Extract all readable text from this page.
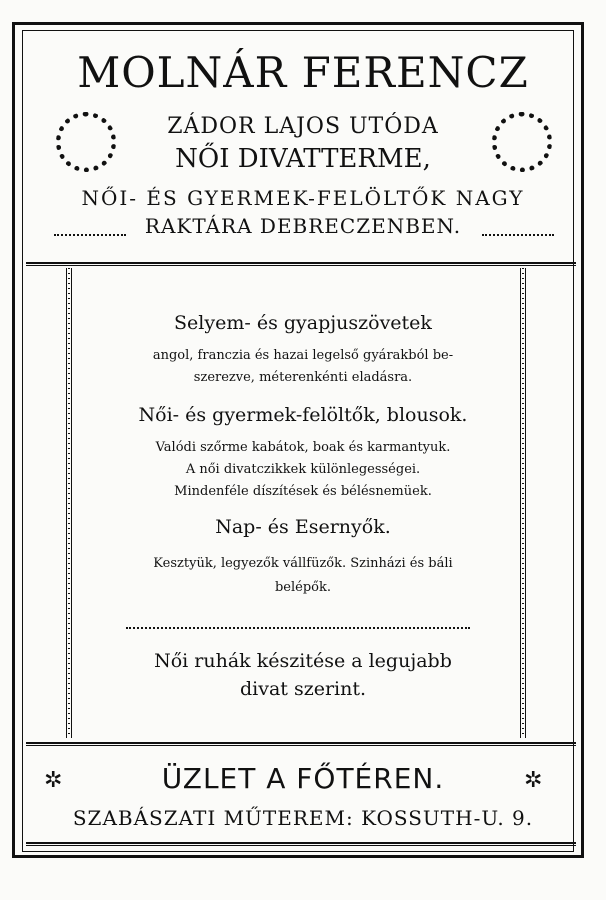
MOLNÁR FERENCZ
ZÁDOR LAJOS UTÓDA
NŐI DIVATTERME,
NŐI- ÉS GYERMEK-FELÖLTŐK NAGY
RAKTÁRA DEBRECZENBEN.
Selyem- és gyapjuszövetek
angol, franczia és hazai legelső gyárakból be-
szerezve, méterenkénti eladásra.
Női- és gyermek-felöltők, blousok.
Valódi szőrme kabátok, boak és karmantyuk.
A női divatczikkek különlegességei.
Mindenféle díszítések és bélésnemüek.
Nap- és Esernyők.
Kesztyük, legyezők vállfüzők. Szinházi és báli
belépők.
Női ruhák készitése a legujabb
divat szerint.
✲	✲
ÜZLET A FŐTÉREN.
SZABÁSZATI MŰTEREM: KOSSUTH-U. 9.
